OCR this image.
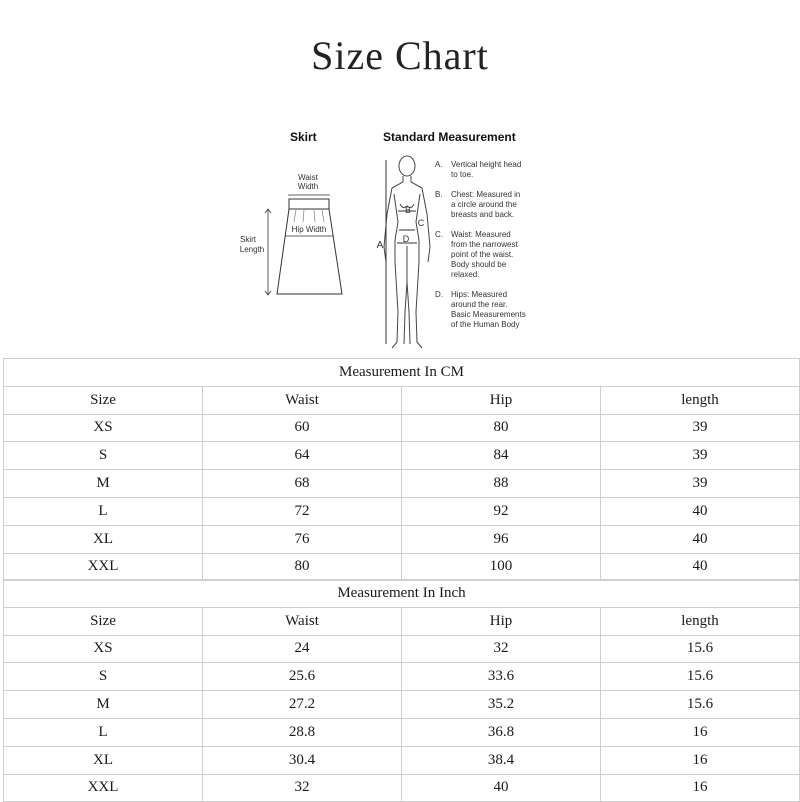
Size Chart
Skirt	Standard Measurement
Waist
Width
Hip Width
Skirt
Length	A
B
C
D
A. Vertical height head
to toe.
B. Chest: Measured in
a circle around the
breasts and back.
C. Waist: Measured
from the narrowest
point of the waist.
Body should be
relaxed.
D. Hips: Measured
around the rear.
Basic Measurements
of the Human Body
Measurement In CM			
Size	Waist	Hip	length
XS	60	80	39
S	64	84	39
M	68	88	39
L	72	92	40
XL	76	96	40
XXL	80	100	40
Measurement In Inch			
Size	Waist	Hip	length
XS	24	32	15.6
S	25.6	33.6	15.6
M	27.2	35.2	15.6
L	28.8	36.8	16
XL	30.4	38.4	16
XXL	32	40	16
